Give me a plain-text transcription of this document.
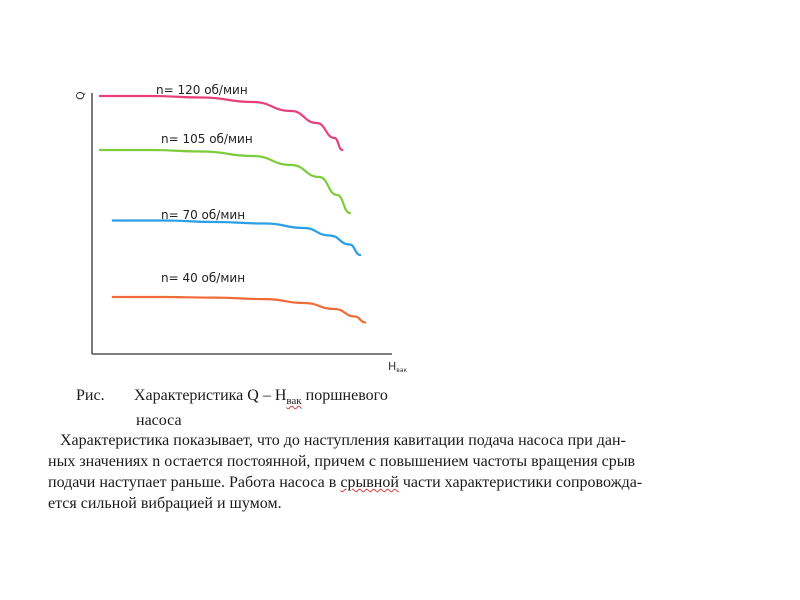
Q
Hвак
n= 120 об/мин
n= 105 об/мин
n= 70 об/мин
n= 40 об/мин
Рис. Характеристика Q – $H_{вак}$ поршневого
насоса
Характеристика показывает, что до наступления кавитации подача насоса при дан-
ных значениях n остается постоянной, причем с повышением частоты вращения срыв
подачи наступает раньше. Работа насоса в срывной части характеристики сопровожда-
ется сильной вибрацией и шумом.
